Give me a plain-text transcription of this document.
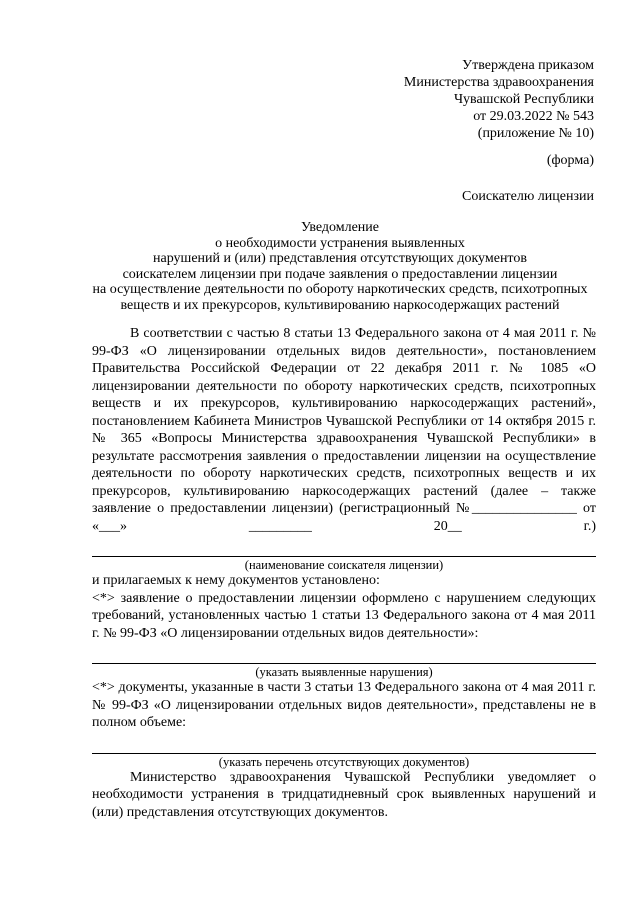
Утверждена приказом
Министерства здравоохранения
Чувашской Республики
от 29.03.2022 № 543
(приложение № 10)
(форма)
Соискателю лицензии
Уведомление
о необходимости устранения выявленных
нарушений и (или) представления отсутствующих документов
соискателем лицензии при подаче заявления о предоставлении лицензии
на осуществление деятельности по обороту наркотических средств, психотропных
веществ и их прекурсоров, культивированию наркосодержащих растений

В соответствии с частью 8 статьи 13 Федерального закона от 4 мая 2011 г. № 99-ФЗ «О лицензировании отдельных видов деятельности», постановлением Правительства Российской Федерации от 22 декабря 2011 г. № 1085 «О лицензировании деятельности по обороту наркотических средств, психотропных веществ и их прекурсоров, культивированию наркосодержащих растений», постановлением Кабинета Министров Чувашской Республики от 14 октября 2015 г. № 365 «Вопросы Министерства здравоохранения Чувашской Республики» в результате рассмотрения заявления о предоставлении лицензии на осуществление деятельности по обороту наркотических средств, психотропных веществ и их прекурсоров, культивированию наркосодержащих растений (далее – также заявление о предоставлении лицензии) (регистрационный №_______________ от «___» _________ 20__ г.)

(наименование соискателя лицензии)

и прилагаемых к нему документов установлено:

<*> заявление о предоставлении лицензии оформлено с нарушением следующих требований, установленных частью 1 статьи 13 Федерального закона от 4 мая 2011 г. № 99-ФЗ «О лицензировании отдельных видов деятельности»:

(указать выявленные нарушения)

<*> документы, указанные в части 3 статьи 13 Федерального закона от 4 мая 2011 г. № 99-ФЗ «О лицензировании отдельных видов деятельности», представлены не в полном объеме:

(указать перечень отсутствующих документов)

Министерство здравоохранения Чувашской Республики уведомляет о необходимости устранения в тридцатидневный срок выявленных нарушений и (или) представления отсутствующих документов.
